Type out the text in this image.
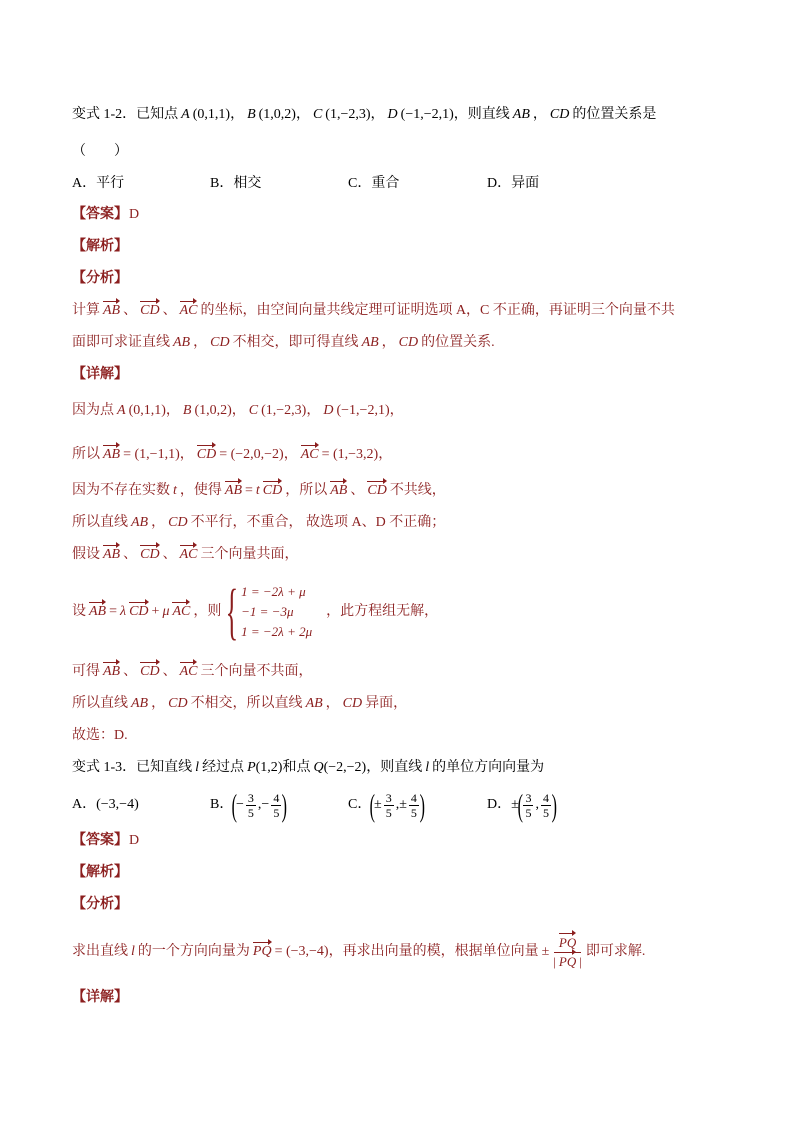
变式 1-2．已知点 A (0,1,1) ， B (1,0,2) ， C (1,−2,3) ， D (−1,−2,1) ，则直线 AB ， CD 的位置关系是
（　　）
A． 平行	B． 相交	C． 重合	D． 异面
【答案】 D
【解析】
【分析】
计算 AB 、 CD 、 AC 的坐标，由空间向量共线定理可证明选项 A，C 不正确，再证明三个向量不共
面即可求证直线 AB ， CD 不相交，即可得直线 AB ， CD 的位置关系.
【详解】
因为点 A (0,1,1) ， B (1,0,2) ， C (1,−2,3) ， D (−1,−2,1) ，
所以 AB = (1,−1,1) ， CD = (−2,0,−2) ， AC = (1,−3,2) ，
因为不存在实数 t ，使得 AB = t CD ，所以 AB 、 CD 不共线，
所以直线 AB ， CD 不平行，不重合， 故选项 A、D 不正确；
假设 AB 、 CD 、 AC 三个向量共面，
设 AB = λ CD + μ AC ，则 { 1 = −2λ + μ
−1 = −3μ
1 = −2λ + 2μ
，此方程组无解，
可得 AB 、 CD 、 AC 三个向量不共面，
所以直线 AB ， CD 不相交，所以直线 AB ， CD 异面，
故选：D.
变式 1-3．已知直线 l 经过点 P (1,2) 和点 Q (−2,−2) ，则直线 l 的单位方向向量为
A． (−3,−4)	B．
(
− $\frac{3}{5}$ , − $\frac{4}{5}$ )	C．
(
± $\frac{3}{5}$ , ± $\frac{4}{5}$ )	D． ±
( $\frac{3}{5}$ , $\frac{4}{5}$ )
【答案】 D
【解析】
【分析】
求出直线 l 的一个方向向量为 PQ = (−3,−4) ，再求出向量的模，根据单位向量 ± $\frac{PQ}{| PQ |}$ 即可求解.
【详解】
